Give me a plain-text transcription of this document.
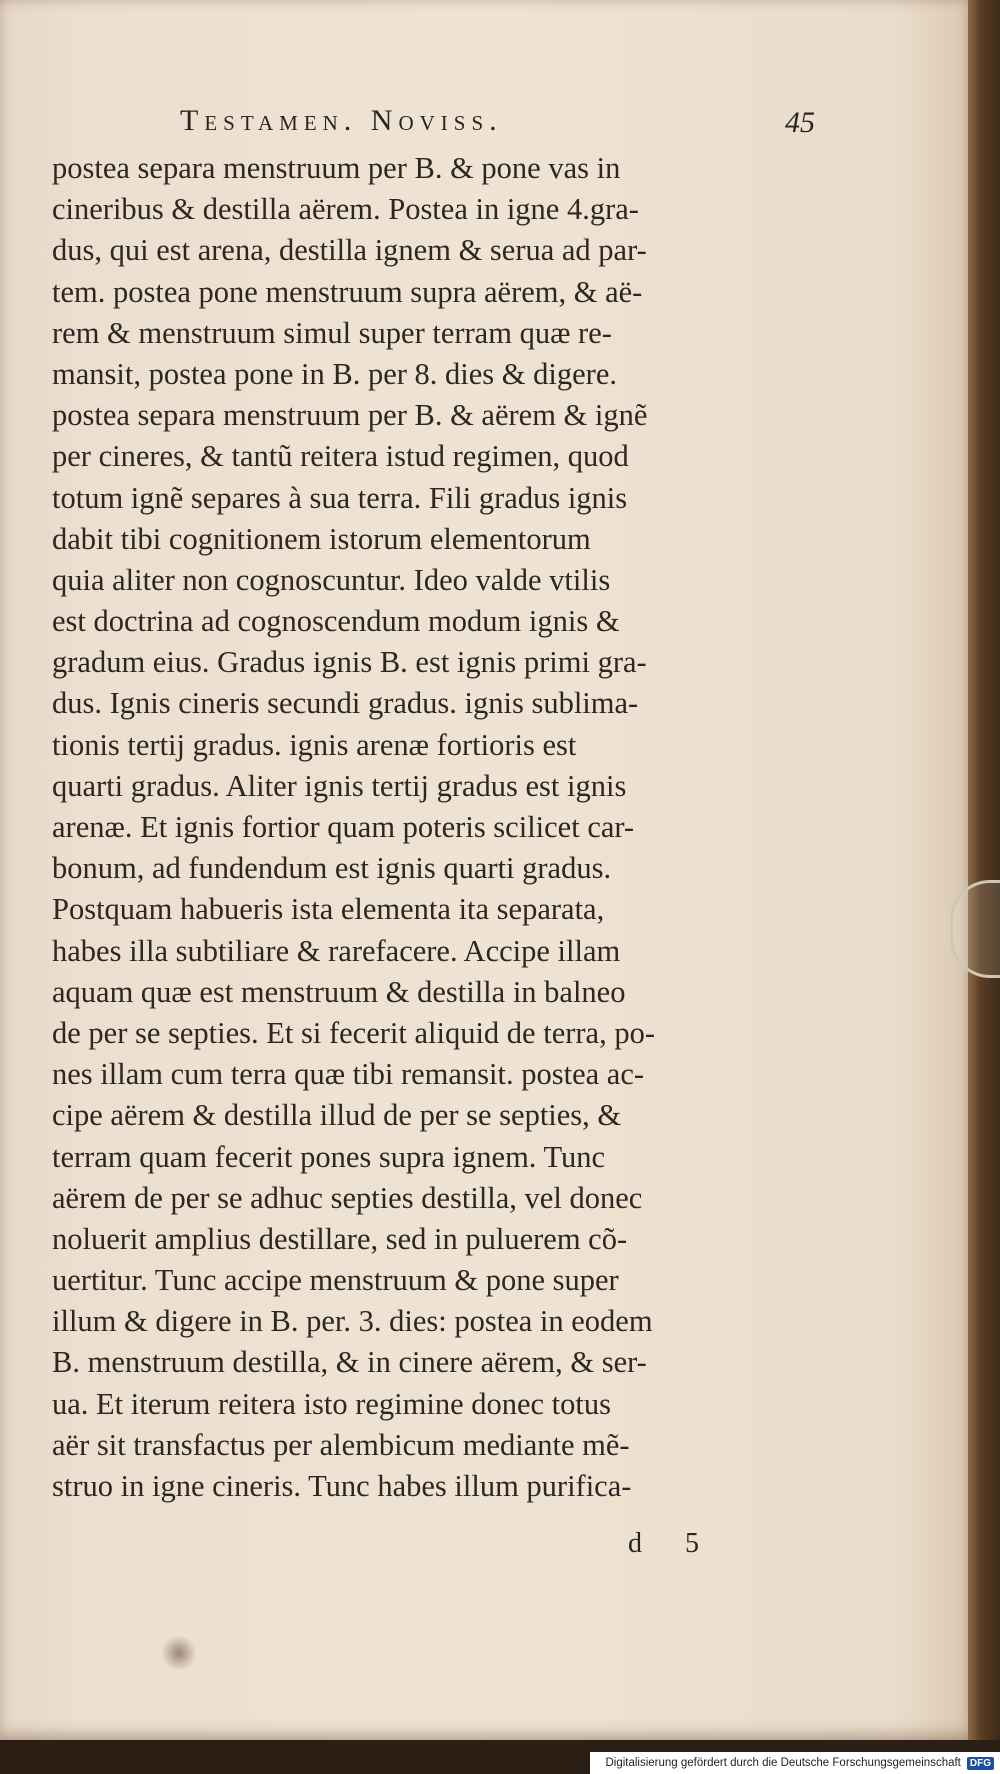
Testamen. Noviss.	45
postea separa menstruum per B. & pone vas in
cineribus & destilla aërem. Postea in igne 4.gra-
dus, qui est arena, destilla ignem & serua ad par-
tem. postea pone menstruum supra aërem, & aë-
rem & menstruum simul super terram quæ re-
mansit, postea pone in B. per 8. dies & digere.
postea separa menstruum per B. & aërem & ignẽ
per cineres, & tantũ reitera istud regimen, quod
totum ignẽ separes à sua terra. Fili gradus ignis
dabit tibi cognitionem istorum elementorum
quia aliter non cognoscuntur. Ideo valde vtilis
est doctrina ad cognoscendum modum ignis &
gradum eius. Gradus ignis B. est ignis primi gra-
dus. Ignis cineris secundi gradus. ignis sublima-
tionis tertij gradus. ignis arenæ fortioris est
quarti gradus. Aliter ignis tertij gradus est ignis
arenæ. Et ignis fortior quam poteris scilicet car-
bonum, ad fundendum est ignis quarti gradus.
Postquam habueris ista elementa ita separata,
habes illa subtiliare & rarefacere. Accipe illam
aquam quæ est menstruum & destilla in balneo
de per se septies. Et si fecerit aliquid de terra, po-
nes illam cum terra quæ tibi remansit. postea ac-
cipe aërem & destilla illud de per se septies, &
terram quam fecerit pones supra ignem. Tunc
aërem de per se adhuc septies destilla, vel donec
noluerit amplius destillare, sed in puluerem cõ-
uertitur. Tunc accipe menstruum & pone super
illum & digere in B. per. 3. dies: postea in eodem
B. menstruum destilla, & in cinere aërem, & ser-
ua. Et iterum reitera isto regimine donec totus
aër sit transfactus per alembicum mediante mẽ-
struo in igne cineris. Tunc habes illum purifica-
d 5
Digitalisierung gefördert durch die Deutsche Forschungsgemeinschaft DFG
